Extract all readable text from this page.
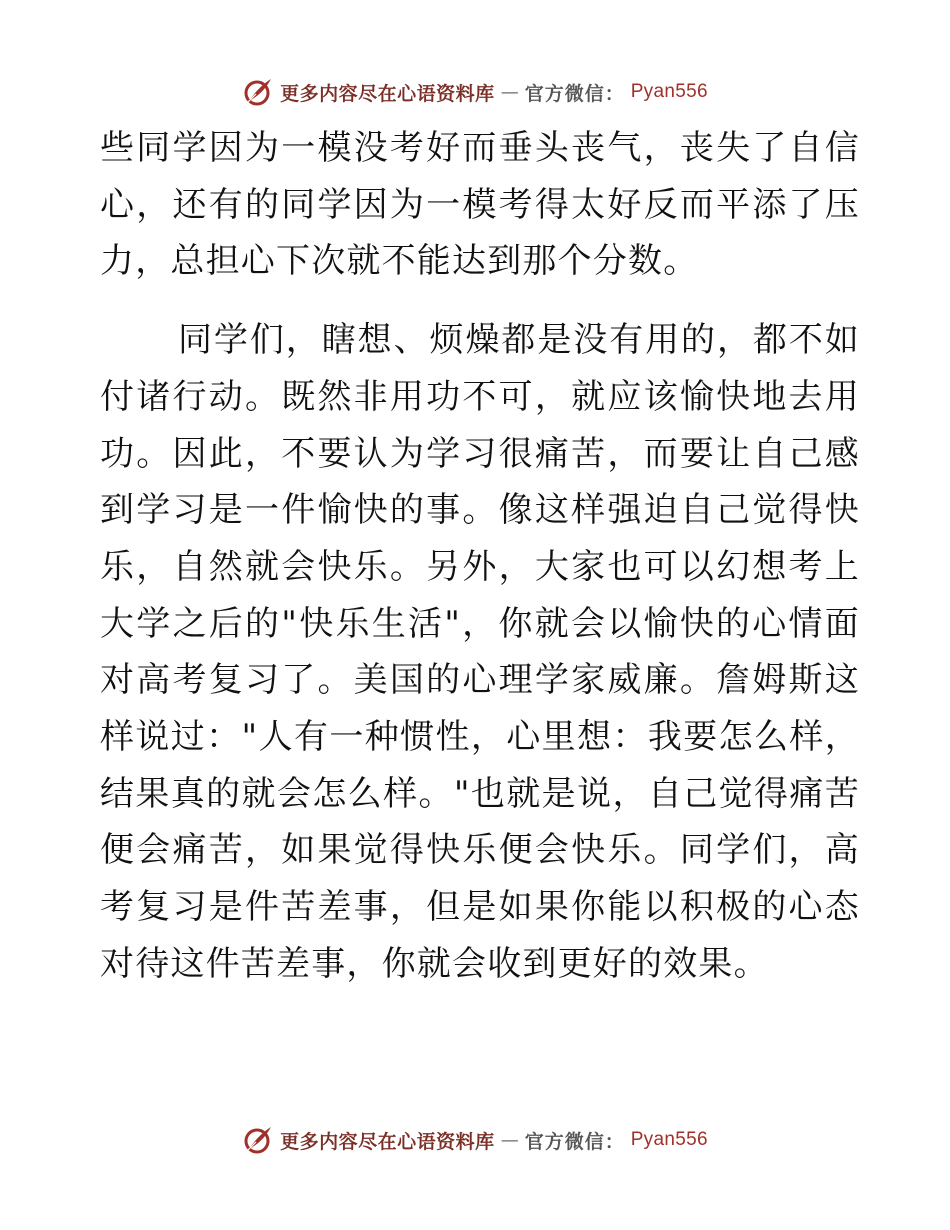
更多内容尽在心语资料库 — 官方微信： Pyan556

些同学因为一模没考好而垂头丧气，丧失了自信心，还有的同学因为一模考得太好反而平添了压力，总担心下次就不能达到那个分数。

同学们，瞎想、烦燥都是没有用的，都不如付诸行动。既然非用功不可，就应该愉快地去用功。因此，不要认为学习很痛苦，而要让自己感到学习是一件愉快的事。像这样强迫自己觉得快乐，自然就会快乐。另外，大家也可以幻想考上大学之后的"快乐生活"，你就会以愉快的心情面对高考复习了。美国的心理学家威廉。詹姆斯这样说过："人有一种惯性，心里想：我要怎么样，结果真的就会怎么样。"也就是说，自己觉得痛苦便会痛苦，如果觉得快乐便会快乐。同学们，高考复习是件苦差事，但是如果你能以积极的心态对待这件苦差事，你就会收到更好的效果。

更多内容尽在心语资料库 — 官方微信： Pyan556
